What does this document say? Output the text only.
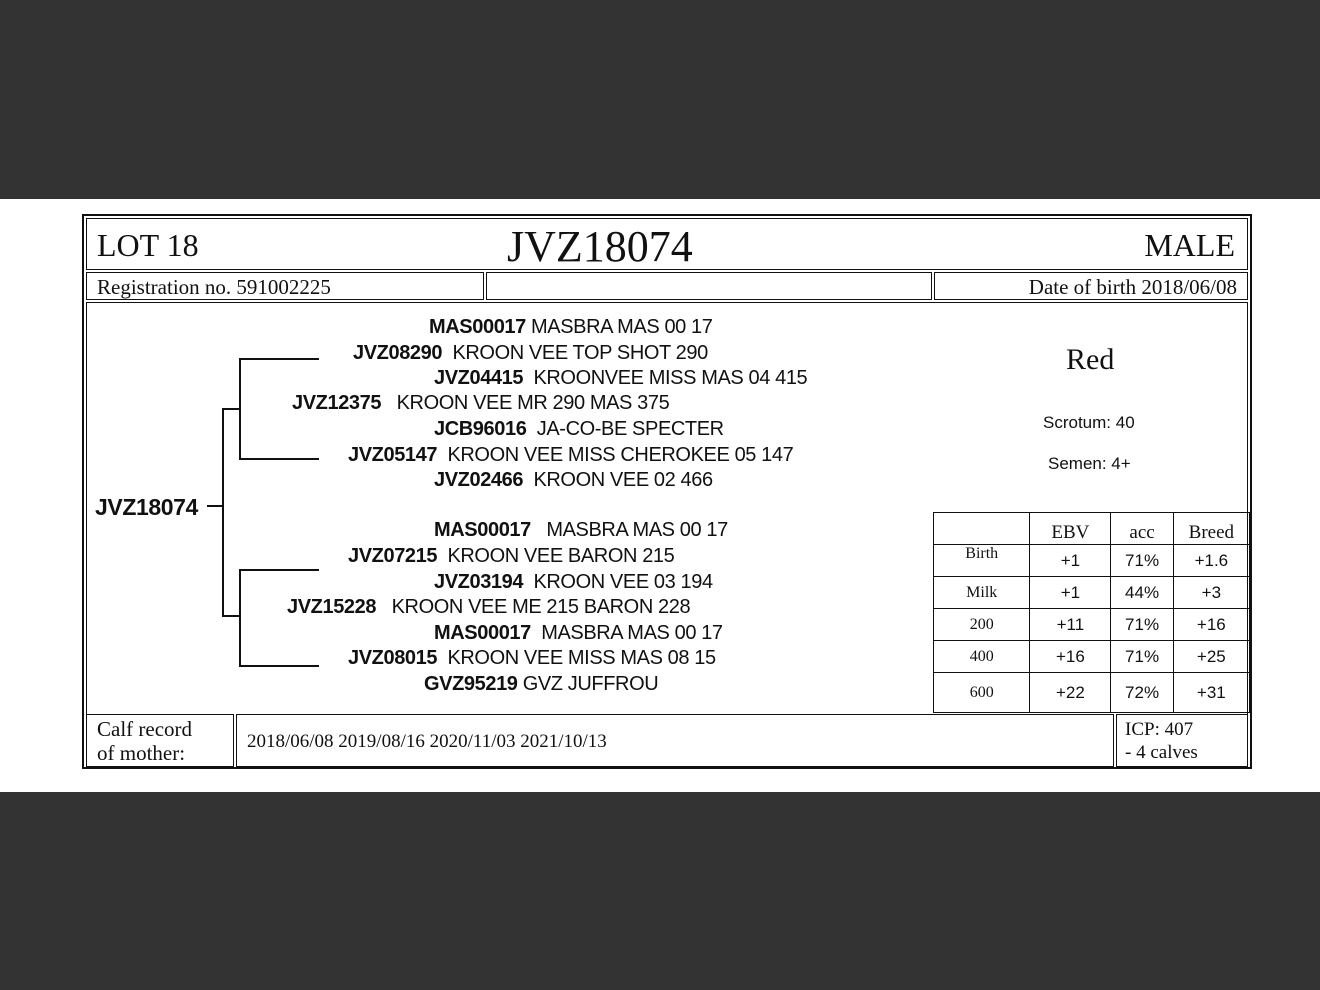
LOT 18	JVZ18074	MALE
Registration no. 591002225	Date of birth 2018/06/08
JVZ18074
MAS00017 MASBRA MAS 00 17
JVZ08290 KROON VEE TOP SHOT 290
JVZ04415 KROONVEE MISS MAS 04 415
JVZ12375 KROON VEE MR 290 MAS 375
JCB96016 JA-CO-BE SPECTER
JVZ05147 KROON VEE MISS CHEROKEE 05 147
JVZ02466 KROON VEE 02 466
MAS00017 MASBRA MAS 00 17
JVZ07215 KROON VEE BARON 215
JVZ03194 KROON VEE 03 194
JVZ15228 KROON VEE ME 215 BARON 228
MAS00017 MASBRA MAS 00 17
JVZ08015 KROON VEE MISS MAS 08 15
GVZ95219 GVZ JUFFROU
Red
Scrotum: 40
Semen: 4+
	EBV	acc	Breed
Birth	+1	71%	+1.6
Milk	+1	44%	+3
200	+11	71%	+16
400	+16	71%	+25
600	+22	72%	+31
Calf record
of mother:	2018/06/08 2019/08/16 2020/11/03 2021/10/13
ICP: 407
- 4 calves
